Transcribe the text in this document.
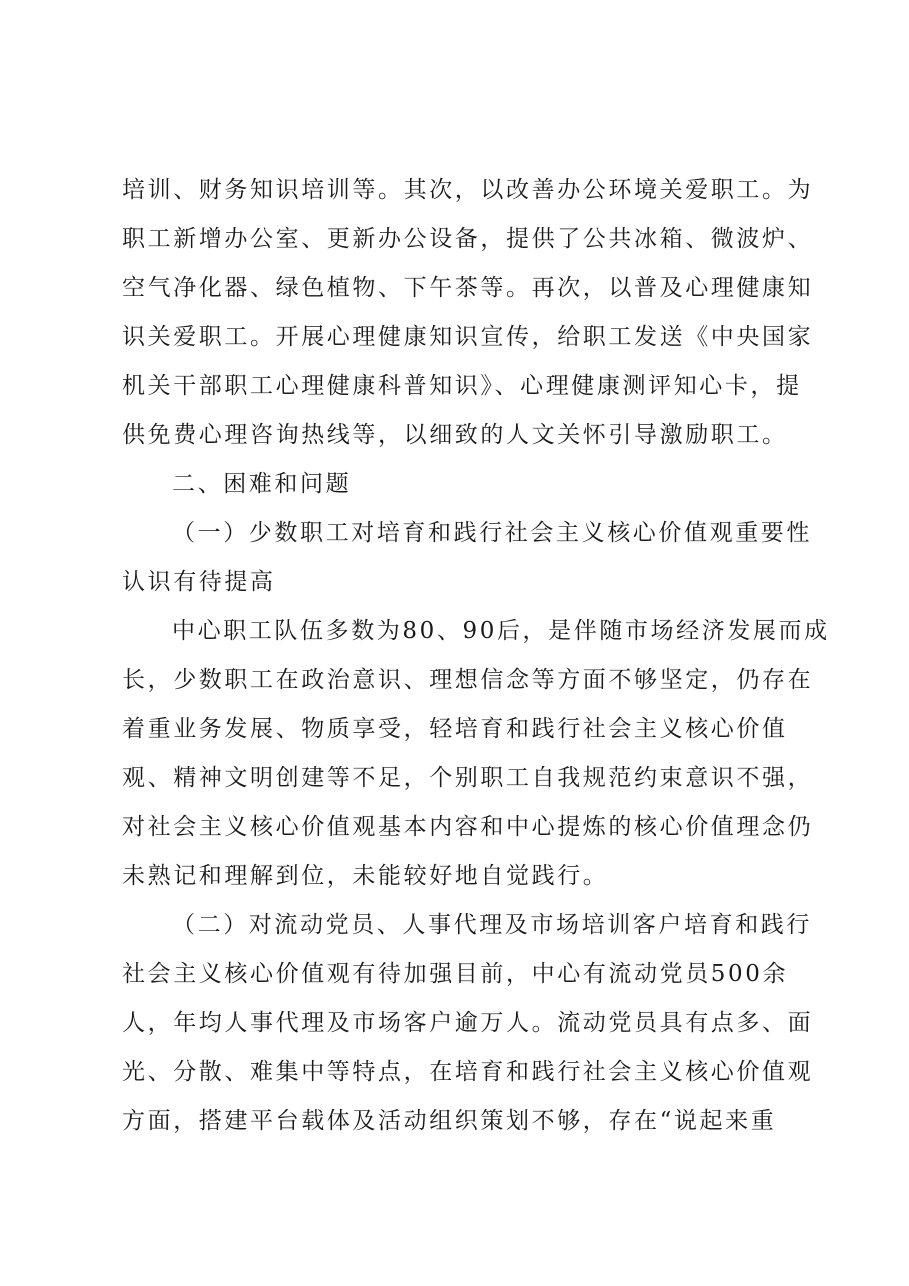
培训、财务知识培训等。其次，以改善办公环境关爱职工。为
职工新增办公室、更新办公设备，提供了公共冰箱、微波炉、
空气净化器、绿色植物、下午茶等。再次，以普及心理健康知
识关爱职工。开展心理健康知识宣传，给职工发送《中央国家
机关干部职工心理健康科普知识》、心理健康测评知心卡，提
供免费心理咨询热线等，以细致的人文关怀引导激励职工。
二、困难和问题
（一）少数职工对培育和践行社会主义核心价值观重要性
认识有待提高
中心职工队伍多数为80、90后，是伴随市场经济发展而成
长，少数职工在政治意识、理想信念等方面不够坚定，仍存在
着重业务发展、物质享受，轻培育和践行社会主义核心价值
观、精神文明创建等不足，个别职工自我规范约束意识不强，
对社会主义核心价值观基本内容和中心提炼的核心价值理念仍
未熟记和理解到位，未能较好地自觉践行。
（二）对流动党员、人事代理及市场培训客户培育和践行
社会主义核心价值观有待加强目前，中心有流动党员500余
人，年均人事代理及市场客户逾万人。流动党员具有点多、面
光、分散、难集中等特点，在培育和践行社会主义核心价值观
方面，搭建平台载体及活动组织策划不够，存在“说起来重
